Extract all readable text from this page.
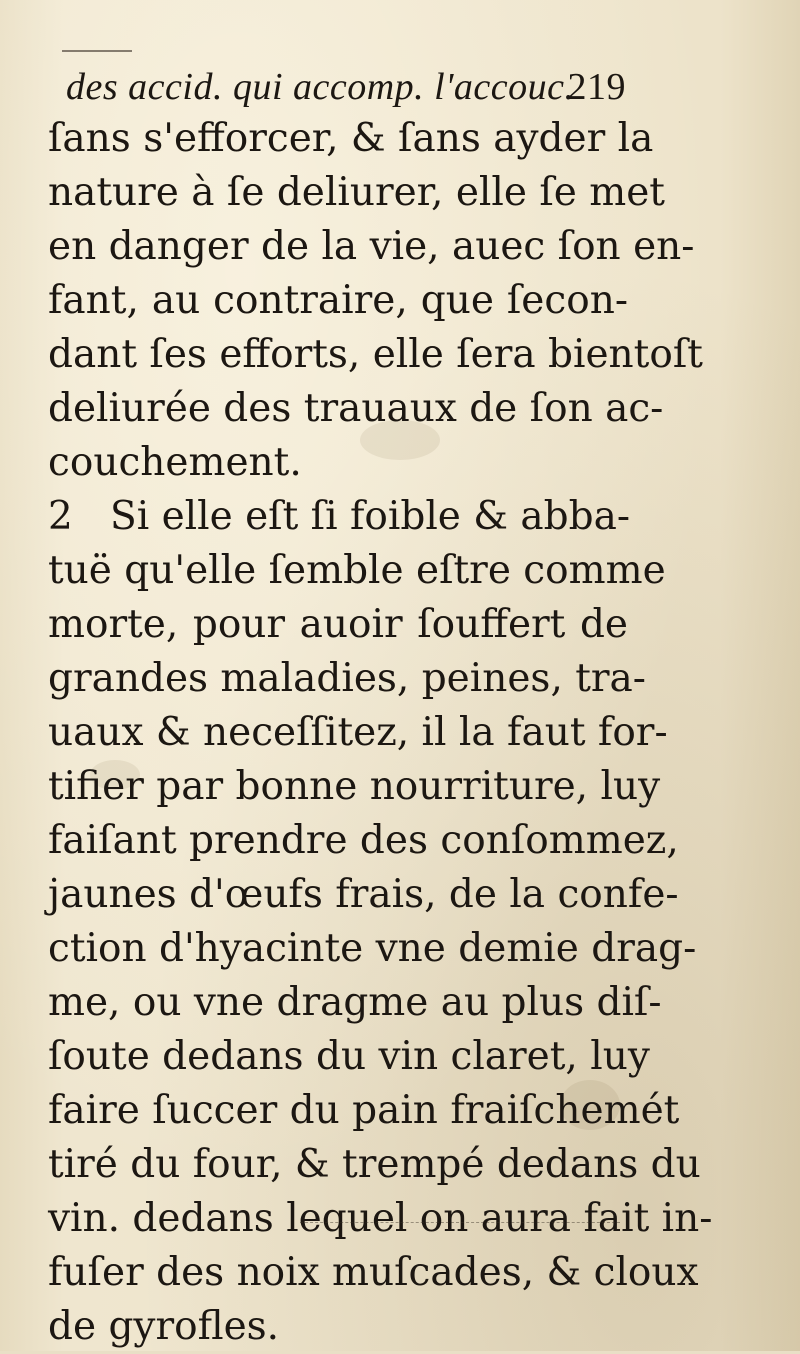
des accid. qui accomp. l'accouc.
219
ſans s'efforcer, & ſans ayder la
nature à ſe deliurer, elle ſe met
en danger de la vie, auec ſon en-
fant, au contraire, que ſecon-
dant ſes efforts, elle ſera bientoſt
deliurée des trauaux de ſon ac-
couchement.
2 Si elle eſt ſi foible & abba-
tuë qu'elle ſemble eſtre comme
morte, pour auoir ſouffert de
grandes maladies, peines, tra-
uaux & neceſſitez, il la faut for-
tifier par bonne nourriture, luy
faiſant prendre des conſommez,
jaunes d'œufs frais, de la confe-
ction d'hyacinte vne demie drag-
me, ou vne dragme au plus diſ-
ſoute dedans du vin claret, luy
faire ſuccer du pain fraiſchemét
tiré du four, & trempé dedans du
vin. dedans lequel on aura fait in-
fuſer des noix muſcades, & cloux
de gyrofles.
